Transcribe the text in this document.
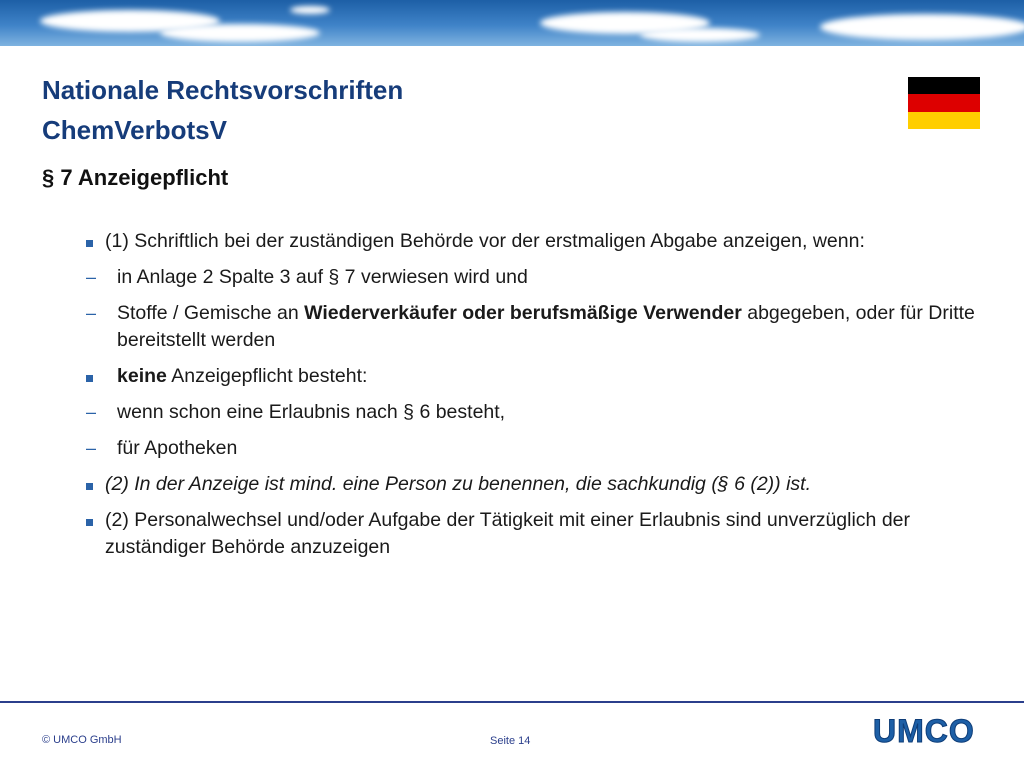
Nationale Rechtsvorschriften
ChemVerbotsV
§ 7 Anzeigepflicht
(1) Schriftlich bei der zuständigen Behörde vor der erstmaligen Abgabe anzeigen, wenn:
– in Anlage 2 Spalte 3 auf § 7 verwiesen wird und
– Stoffe / Gemische an Wiederverkäufer oder berufsmäßige Verwender abgegeben, oder für Dritte bereitstellt werden
keine Anzeigepflicht besteht:
– wenn schon eine Erlaubnis nach § 6 besteht,
– für Apotheken
(2) In der Anzeige ist mind. eine Person zu benennen, die sachkundig (§ 6 (2)) ist.
(2) Personalwechsel und/oder Aufgabe der Tätigkeit mit einer Erlaubnis sind unverzüglich der zuständiger Behörde anzuzeigen
© UMCO GmbH	Seite 14	UMCO
